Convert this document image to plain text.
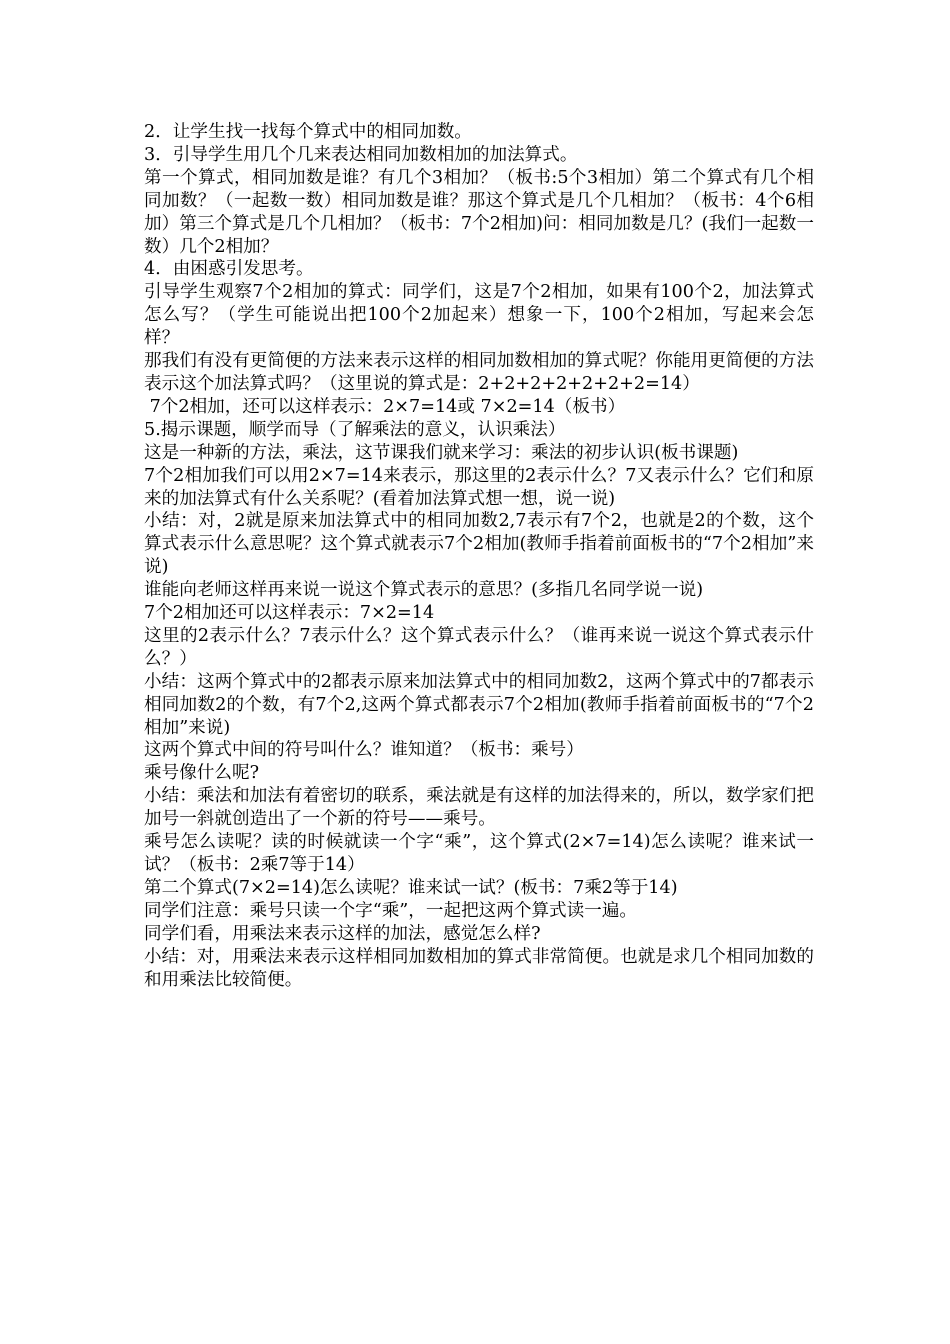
2．让学生找一找每个算式中的相同加数。

3．引导学生用几个几来表达相同加数相加的加法算式。

第一个算式，相同加数是谁？有几个3相加？（板书:5个3相加）第二个算式有几个相同加数？（一起数一数）相同加数是谁？那这个算式是几个几相加？（板书：4个6相加）第三个算式是几个几相加？（板书：7个2相加)问：相同加数是几？(我们一起数一数）几个2相加？

4．由困惑引发思考。

引导学生观察7个2相加的算式：同学们，这是7个2相加，如果有100个2，加法算式怎么写？（学生可能说出把100个2加起来）想象一下，100个2相加，写起来会怎样？

那我们有没有更简便的方法来表示这样的相同加数相加的算式呢？你能用更简便的方法表示这个加法算式吗？（这里说的算式是：2+2+2+2+2+2+2=14）

7个2相加，还可以这样表示：2×7=14或 7×2=14（板书）

5.揭示课题，顺学而导（了解乘法的意义，认识乘法）

这是一种新的方法，乘法，这节课我们就来学习：乘法的初步认识(板书课题)

7个2相加我们可以用2×7=14来表示，那这里的2表示什么？7又表示什么？它们和原来的加法算式有什么关系呢？(看着加法算式想一想，说一说)

小结：对，2就是原来加法算式中的相同加数2,7表示有7个2，也就是2的个数，这个算式表示什么意思呢？这个算式就表示7个2相加(教师手指着前面板书的“7个2相加”来说)

谁能向老师这样再来说一说这个算式表示的意思？(多指几名同学说一说)

7个2相加还可以这样表示：7×2=14

这里的2表示什么？7表示什么？这个算式表示什么？（谁再来说一说这个算式表示什么？）

小结：这两个算式中的2都表示原来加法算式中的相同加数2，这两个算式中的7都表示相同加数2的个数，有7个2,这两个算式都表示7个2相加(教师手指着前面板书的“7个2相加”来说)

这两个算式中间的符号叫什么？谁知道？（板书：乘号）

乘号像什么呢?

小结：乘法和加法有着密切的联系，乘法就是有这样的加法得来的，所以，数学家们把加号一斜就创造出了一个新的符号——乘号。

乘号怎么读呢？读的时候就读一个字“乘”，这个算式(2×7=14)怎么读呢？谁来试一试？（板书：2乘7等于14）

第二个算式(7×2=14)怎么读呢？谁来试一试？(板书：7乘2等于14)

同学们注意：乘号只读一个字“乘”，一起把这两个算式读一遍。

同学们看，用乘法来表示这样的加法，感觉怎么样?

小结：对，用乘法来表示这样相同加数相加的算式非常简便。也就是求几个相同加数的和用乘法比较简便。
